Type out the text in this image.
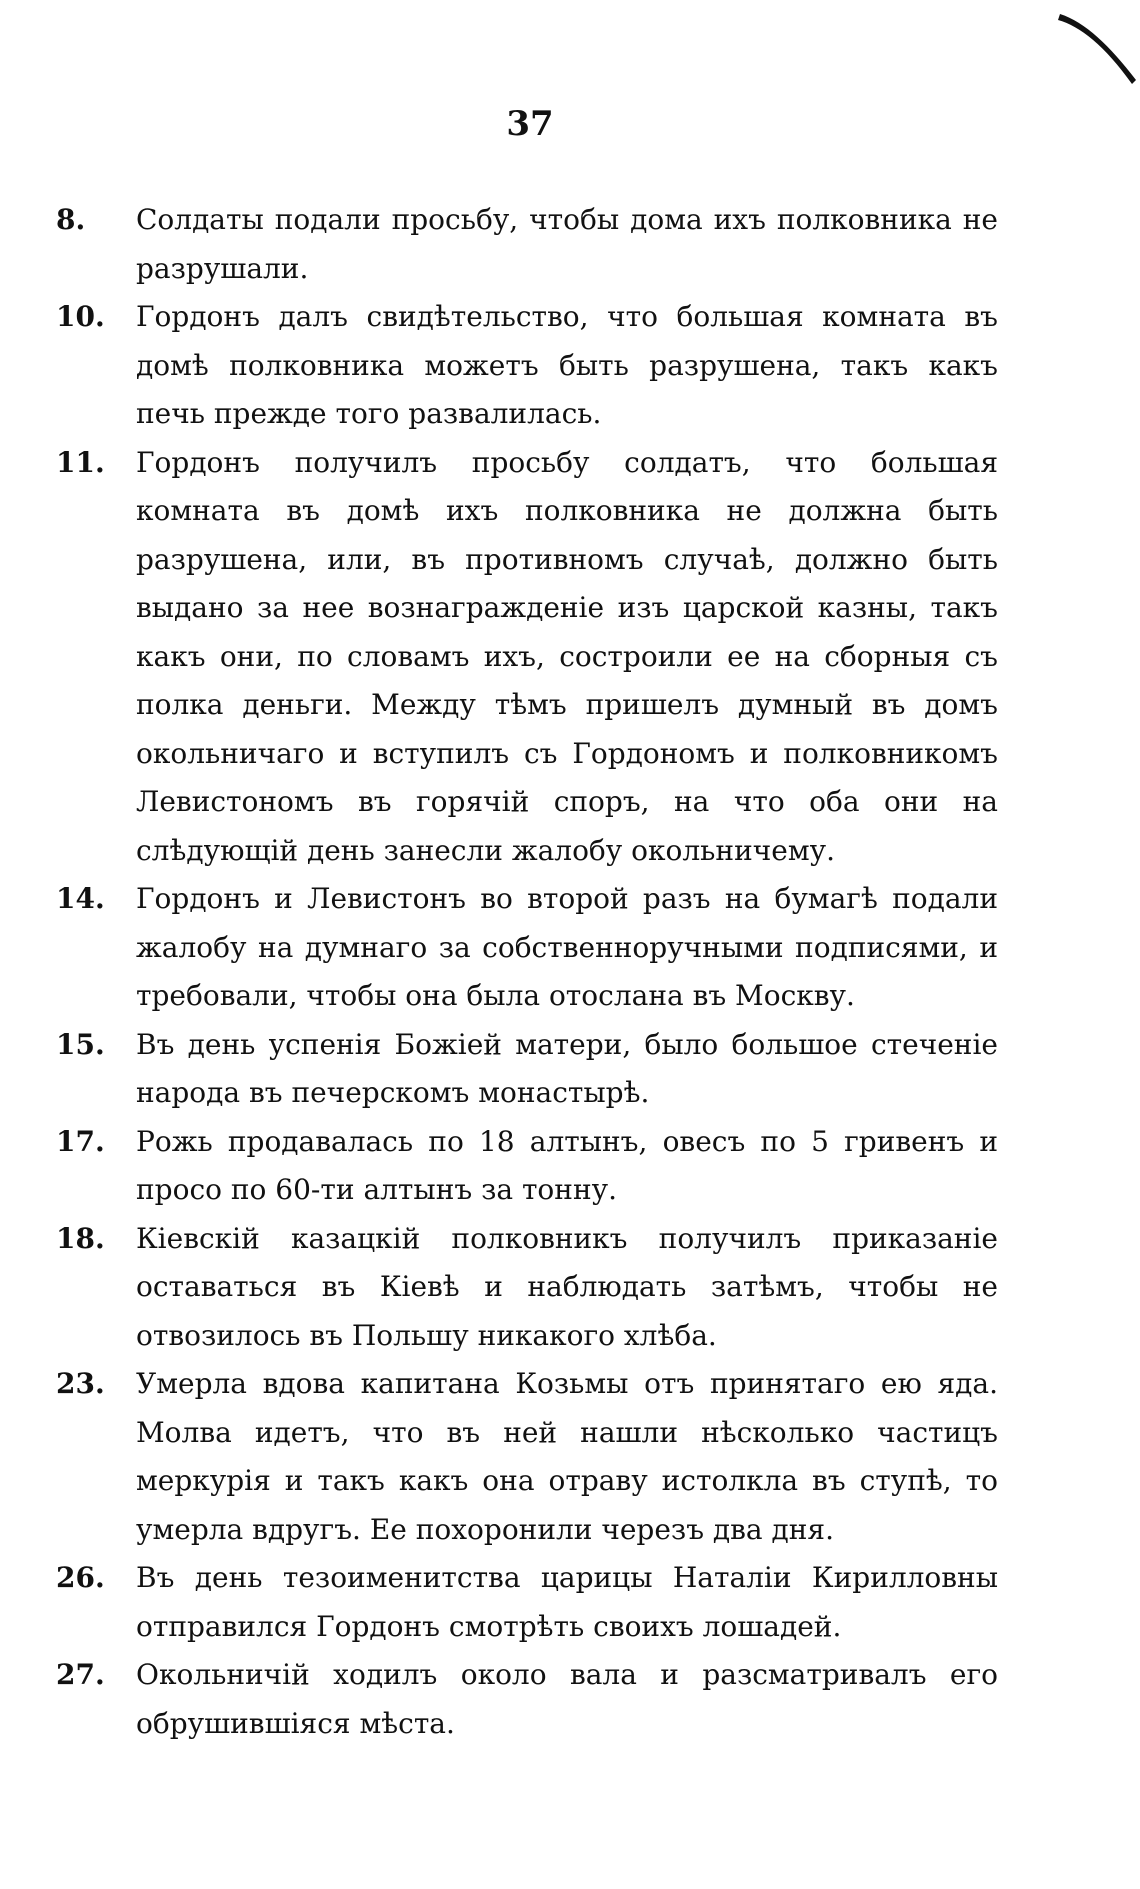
37
8.	Солдаты подали просьбу, чтобы дома ихъ полковника не разрушали.
10.	Гордонъ далъ свидѣтельство, что большая комната въ домѣ полковника можетъ быть разрушена, такъ какъ печь прежде того развалилась.
11.	Гордонъ получилъ просьбу солдатъ, что большая комната въ домѣ ихъ полковника не должна быть разрушена, или, въ противномъ случаѣ, должно быть выдано за нее вознагражденіе изъ царской казны, такъ какъ они, по словамъ ихъ, состроили ее на сборныя съ полка деньги. Между тѣмъ пришелъ думный въ домъ окольничаго и вступилъ съ Гордономъ и полковникомъ Левистономъ въ горячій споръ, на что оба они на слѣдующій день занесли жалобу окольничему.
14.	Гордонъ и Левистонъ во второй разъ на бумагѣ подали жалобу на думнаго за собственноручными подписями, и требовали, чтобы она была отослана въ Москву.
15.	Въ день успенія Божіей матери, было большое стеченіе народа въ печерскомъ монастырѣ.
17.	Рожь продавалась по 18 алтынъ, овесъ по 5 гривенъ и просо по 60-ти алтынъ за тонну.
18.	Кіевскій казацкій полковникъ получилъ приказаніе оставаться въ Кіевѣ и наблюдать затѣмъ, чтобы не отвозилось въ Польшу никакого хлѣба.
23.	Умерла вдова капитана Козьмы отъ принятаго ею яда. Молва идетъ, что въ ней нашли нѣсколько частицъ меркурія и такъ какъ она отраву истолкла въ ступѣ, то умерла вдругъ. Ее похоронили черезъ два дня.
26.	Въ день тезоименитства царицы Наталіи Кирилловны отправился Гордонъ смотрѣть своихъ лошадей.
27.	Окольничій ходилъ около вала и разсматривалъ его обрушившіяся мѣста.
